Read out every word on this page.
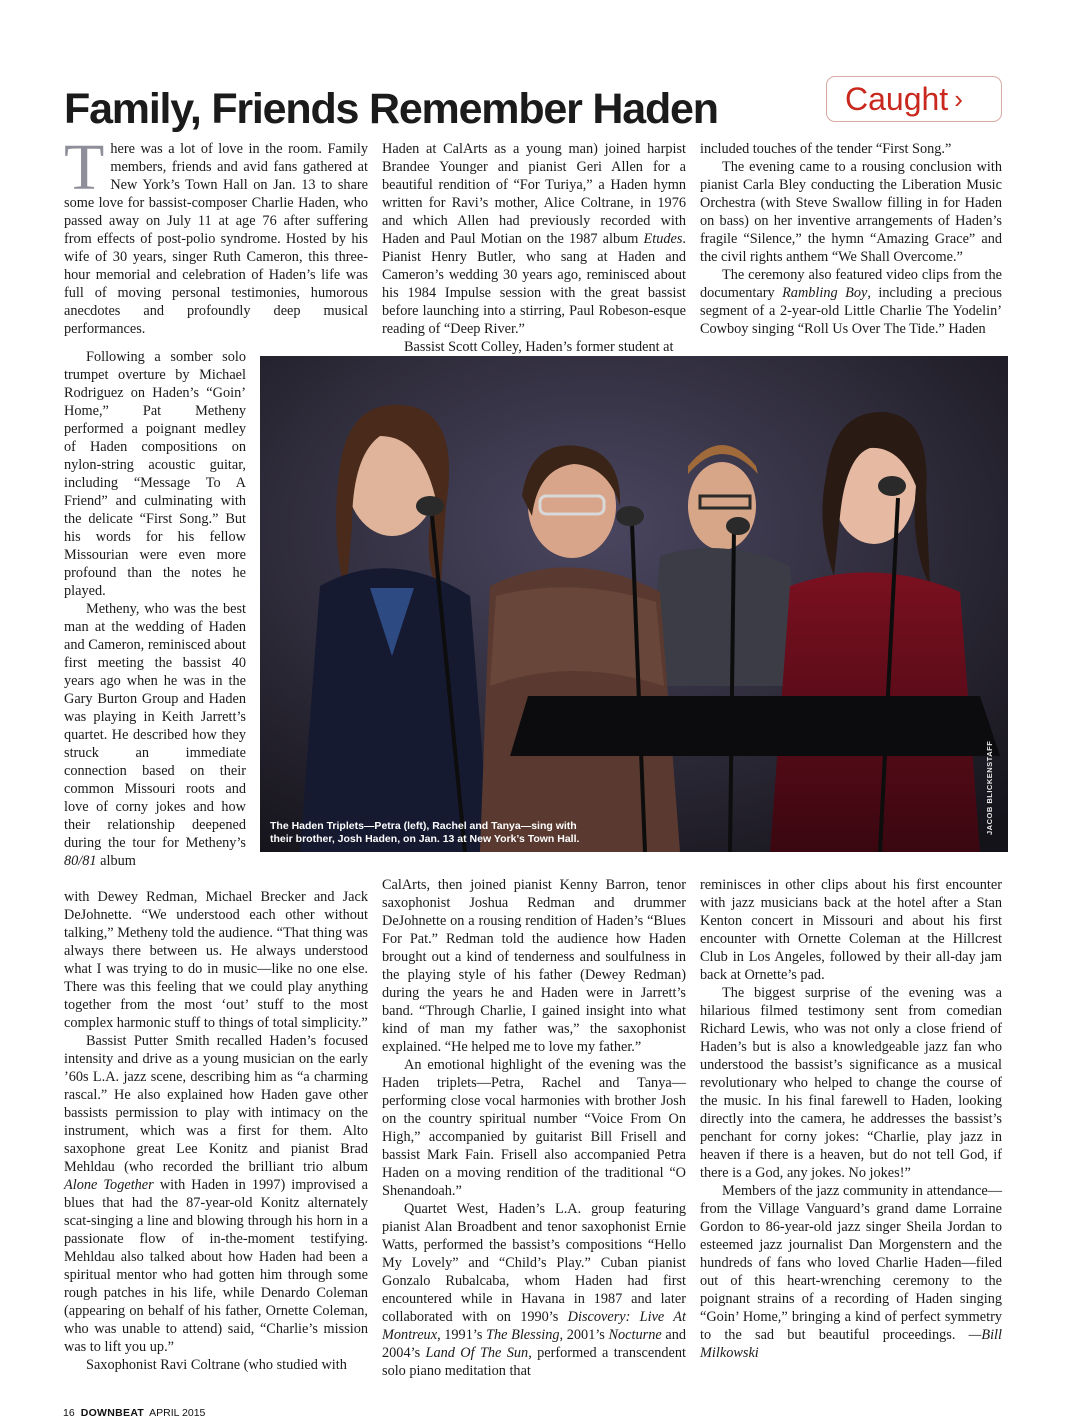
Family, Friends Remember Haden	Caught ›

There was a lot of love in the room. Family members, friends and avid fans gathered at New York’s Town Hall on Jan. 13 to share some love for bassist-composer Charlie Haden, who passed away on July 11 at age 76 after suffering from effects of post-polio syndrome. Hosted by his wife of 30 years, singer Ruth Cameron, this three-hour memorial and celebration of Haden’s life was full of moving personal testimonies, humorous anecdotes and profoundly deep musical performances.

Following a somber solo trumpet overture by Michael Rodriguez on Haden’s “Goin’ Home,” Pat Metheny performed a poignant medley of Haden compositions on nylon-string acoustic guitar, including “Message To A Friend” and culminating with the delicate “First Song.” But his words for his fellow Missourian were even more profound than the notes he played.

Metheny, who was the best man at the wedding of Haden and Cameron, reminisced about first meeting the bassist 40 years ago when he was in the Gary Burton Group and Haden was playing in Keith Jarrett’s quartet. He described how they struck an immediate connection based on their common Missouri roots and love of corny jokes and how their relationship deepened during the tour for Metheny’s 80/81 album

with Dewey Redman, Michael Brecker and Jack DeJohnette. “We understood each other without talking,” Metheny told the audience. “That thing was always there between us. He always understood what I was trying to do in music—like no one else. There was this feeling that we could play anything together from the most ‘out’ stuff to the most complex harmonic stuff to things of total simplicity.”

Bassist Putter Smith recalled Haden’s focused intensity and drive as a young musician on the early ’60s L.A. jazz scene, describing him as “a charming rascal.” He also explained how Haden gave other bassists permission to play with intimacy on the instrument, which was a first for them. Alto saxophone great Lee Konitz and pianist Brad Mehldau (who recorded the brilliant trio album Alone Together with Haden in 1997) improvised a blues that had the 87-year-old Konitz alternately scat-singing a line and blowing through his horn in a passionate flow of in-the-moment testifying. Mehldau also talked about how Haden had been a spiritual mentor who had gotten him through some rough patches in his life, while Denardo Coleman (appearing on behalf of his father, Ornette Coleman, who was unable to attend) said, “Charlie’s mission was to lift you up.”

Saxophonist Ravi Coltrane (who studied with

Haden at CalArts as a young man) joined harpist Brandee Younger and pianist Geri Allen for a beautiful rendition of “For Turiya,” a Haden hymn written for Ravi’s mother, Alice Coltrane, in 1976 and which Allen had previously recorded with Haden and Paul Motian on the 1987 album Etudes. Pianist Henry Butler, who sang at Haden and Cameron’s wedding 30 years ago, reminisced about his 1984 Impulse session with the great bassist before launching into a stirring, Paul Robeson-esque reading of “Deep River.”

Bassist Scott Colley, Haden’s former student at

included touches of the tender “First Song.”

The evening came to a rousing conclusion with pianist Carla Bley conducting the Liberation Music Orchestra (with Steve Swallow filling in for Haden on bass) on her inventive arrangements of Haden’s fragile “Silence,” the hymn “Amazing Grace” and the civil rights anthem “We Shall Overcome.”

The ceremony also featured video clips from the documentary Rambling Boy, including a precious segment of a 2-year-old Little Charlie The Yodelin’ Cowboy singing “Roll Us Over The Tide.” Haden

The Haden Triplets—Petra (left), Rachel and Tanya—sing with their brother, Josh Haden, on Jan. 13 at New York’s Town Hall.
JACOB BLICKENSTAFF

CalArts, then joined pianist Kenny Barron, tenor saxophonist Joshua Redman and drummer DeJohnette on a rousing rendition of Haden’s “Blues For Pat.” Redman told the audience how Haden brought out a kind of tenderness and soulfulness in the playing style of his father (Dewey Redman) during the years he and Haden were in Jarrett’s band. “Through Charlie, I gained insight into what kind of man my father was,” the saxophonist explained. “He helped me to love my father.”

An emotional highlight of the evening was the Haden triplets—Petra, Rachel and Tanya—performing close vocal harmonies with brother Josh on the country spiritual number “Voice From On High,” accompanied by guitarist Bill Frisell and bassist Mark Fain. Frisell also accompanied Petra Haden on a moving rendition of the traditional “O Shenandoah.”

Quartet West, Haden’s L.A. group featuring pianist Alan Broadbent and tenor saxophonist Ernie Watts, performed the bassist’s compositions “Hello My Lovely” and “Child’s Play.” Cuban pianist Gonzalo Rubalcaba, whom Haden had first encountered while in Havana in 1987 and later collaborated with on 1990’s Discovery: Live At Montreux, 1991’s The Blessing, 2001’s Nocturne and 2004’s Land Of The Sun, performed a transcendent solo piano meditation that

reminisces in other clips about his first encounter with jazz musicians back at the hotel after a Stan Kenton concert in Missouri and about his first encounter with Ornette Coleman at the Hillcrest Club in Los Angeles, followed by their all-day jam back at Ornette’s pad.

The biggest surprise of the evening was a hilarious filmed testimony sent from comedian Richard Lewis, who was not only a close friend of Haden’s but is also a knowledgeable jazz fan who understood the bassist’s significance as a musical revolutionary who helped to change the course of the music. In his final farewell to Haden, looking directly into the camera, he addresses the bassist’s penchant for corny jokes: “Charlie, play jazz in heaven if there is a heaven, but do not tell God, if there is a God, any jokes. No jokes!”

Members of the jazz community in attendance—from the Village Vanguard’s grand dame Lorraine Gordon to 86-year-old jazz singer Sheila Jordan to esteemed jazz journalist Dan Morgenstern and the hundreds of fans who loved Charlie Haden—filed out of this heart-wrenching ceremony to the poignant strains of a recording of Haden singing “Goin’ Home,” bringing a kind of perfect symmetry to the sad but beautiful proceedings. —Bill Milkowski

16 DOWNBEAT APRIL 2015
